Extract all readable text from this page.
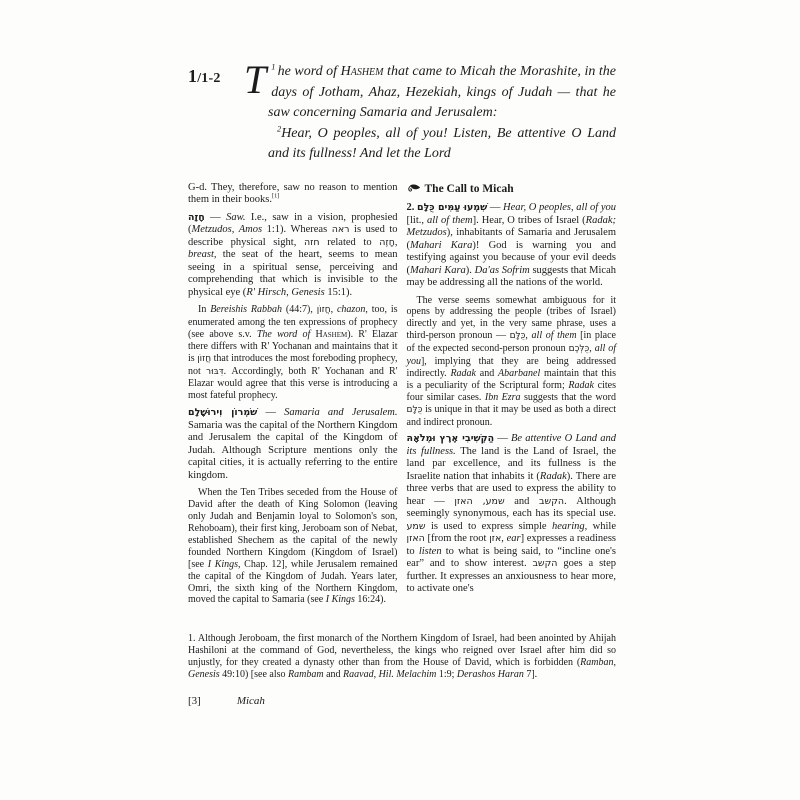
1/1-2

$^1$
T he word of Hashem that came to Micah the Morashite, in the days of Jotham, Ahaz, Hezekiah, kings of Judah — that he saw concerning Samaria and Jerusalem:

$^2$Hear, O peoples, all of you! Listen, Be attentive O Land and its fullness! And let the Lord

G-d. They, therefore, saw no reason to mention them in their books.[1]

חָזָה — Saw. I.e., saw in a vision, prophesied (Metzudos, Amos 1:1). Whereas ראה is used to describe physical sight, חזה related to חָזֶה, breast, the seat of the heart, seems to mean seeing in a spiritual sense, perceiving and comprehending that which is invisible to the physical eye (R' Hirsch, Genesis 15:1).

In Bereishis Rabbah (44:7), חֲזוֹן, chazon, too, is enumerated among the ten expressions of prophecy (see above s.v. The word of Hashem). R' Elazar there differs with R' Yochanan and maintains that it is חֲזוֹן that introduces the most foreboding prophecy, not דִּבּוּר. Accordingly, both R' Yochanan and R' Elazar would agree that this verse is introducing a most fateful prophecy.

שֹׁמְרוֹן וִירוּשָׁלָם — Samaria and Jerusalem. Samaria was the capital of the Northern Kingdom and Jerusalem the capital of the Kingdom of Judah. Although Scripture mentions only the capital cities, it is actually referring to the entire kingdom.

When the Ten Tribes seceded from the House of David after the death of King Solomon (leaving only Judah and Benjamin loyal to Solomon's son, Rehoboam), their first king, Jeroboam son of Nebat, established Shechem as the capital of the newly founded Northern Kingdom (Kingdom of Israel) [see I Kings, Chap. 12], while Jerusalem remained the capital of the Kingdom of Judah. Years later, Omri, the sixth king of the Northern Kingdom, moved the capital to Samaria (see I Kings 16:24).

The Call to Micah

2. שִׁמְעוּ עַמִּים כֻּלָּם — Hear, O peoples, all of you [lit., all of them]. Hear, O tribes of Israel (Radak; Metzudos), inhabitants of Samaria and Jerusalem (Mahari Kara)! God is warning you and testifying against you because of your evil deeds (Mahari Kara). Da'as Sofrim suggests that Micah may be addressing all the nations of the world.

The verse seems somewhat ambiguous for it opens by addressing the people (tribes of Israel) directly and yet, in the very same phrase, uses a third-person pronoun — כֻּלָּם, all of them [in place of the expected second-person pronoun כֻּלְּכֶם, all of you], implying that they are being addressed indirectly. Radak and Abarbanel maintain that this is a peculiarity of the Scriptural form; Radak cites four similar cases. Ibn Ezra suggests that the word כֻּלָּם is unique in that it may be used as both a direct and indirect pronoun.

הַקְשִׁיבִי אֶרֶץ וּמְלֹאָהּ — Be attentive O Land and its fullness. The land is the Land of Israel, the land par excellence, and its fullness is the Israelite nation that inhabits it (Radak). There are three verbs that are used to express the ability to hear — שמע, האזן and הקשב. Although seemingly synonymous, each has its special use. שמע is used to express simple hearing, while האזן [from the root אזן, ear] expresses a readiness to listen to what is being said, to “incline one's ear” and to show interest. הקשב goes a step further. It expresses an anxiousness to hear more, to activate one's

1. Although Jeroboam, the first monarch of the Northern Kingdom of Israel, had been anointed by Ahijah Hashiloni at the command of God, nevertheless, the kings who reigned over Israel after him did so unjustly, for they created a dynasty other than from the House of David, which is forbidden (Ramban, Genesis 49:10) [see also Rambam and Raavad, Hil. Melachim 1:9; Derashos Haran 7].
[3]	Micah
